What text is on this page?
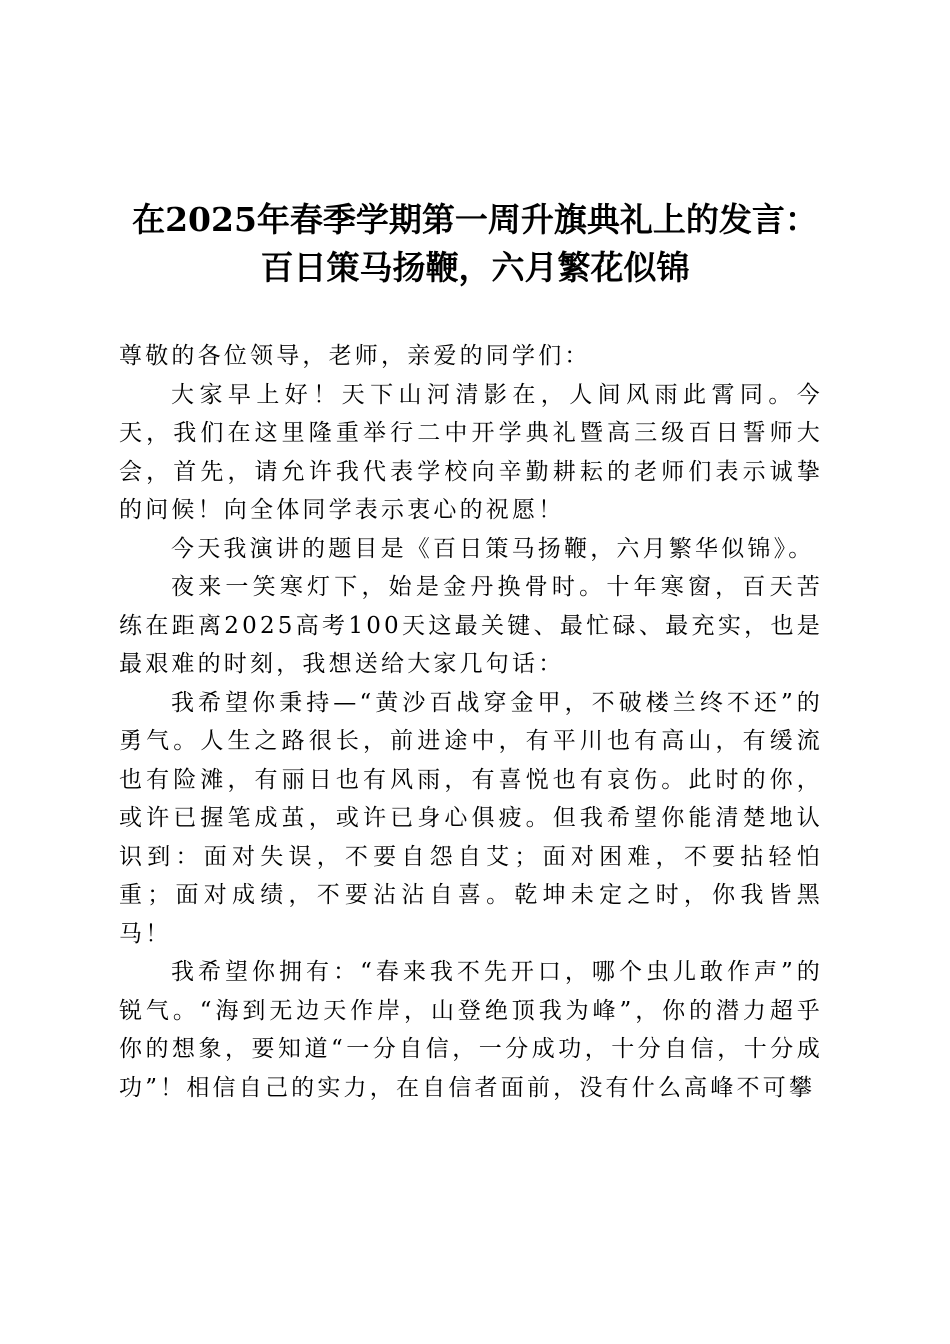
在2025年春季学期第一周升旗典礼上的发言：
百日策马扬鞭，六月繁花似锦

尊敬的各位领导，老师，亲爱的同学们：

大家早上好！天下山河清影在，人间风雨此霄同。今天，我们在这里隆重举行二中开学典礼暨高三级百日誓师大会，首先，请允许我代表学校向辛勤耕耘的老师们表示诚挚的问候！向全体同学表示衷心的祝愿！

今天我演讲的题目是《百日策马扬鞭，六月繁华似锦》。

夜来一笑寒灯下，始是金丹换骨时。十年寒窗，百天苦练在距离2025高考100天这最关键、最忙碌、最充实，也是最艰难的时刻，我想送给大家几句话：

我希望你秉持—“黄沙百战穿金甲，不破楼兰终不还”的勇气。人生之路很长，前进途中，有平川也有高山，有缓流也有险滩，有丽日也有风雨，有喜悦也有哀伤。此时的你，或许已握笔成茧，或许已身心俱疲。但我希望你能清楚地认识到：面对失误，不要自怨自艾；面对困难，不要拈轻怕重；面对成绩，不要沾沾自喜。乾坤未定之时，你我皆黑马！

我希望你拥有：“春来我不先开口，哪个虫儿敢作声”的锐气。“海到无边天作岸，山登绝顶我为峰”，你的潜力超乎你的想象，要知道“一分自信，一分成功，十分自信，十分成功”！相信自己的实力，在自信者面前，没有什么高峰不可攀
